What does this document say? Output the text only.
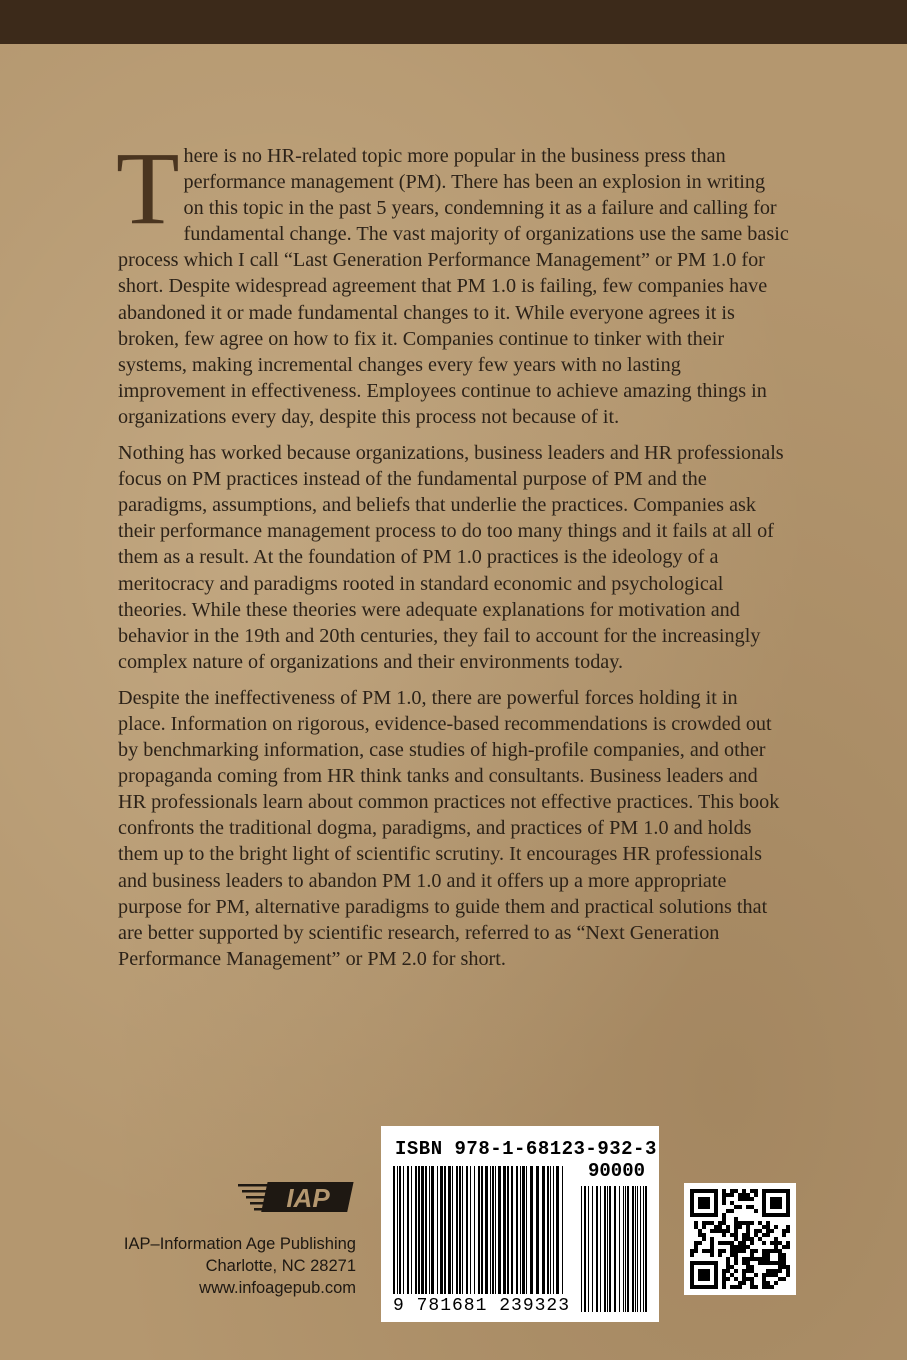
There is no HR-related topic more popular in the business press than performance management (PM). There has been an explosion in writing on this topic in the past 5 years, condemning it as a failure and calling for fundamental change. The vast majority of organizations use the same basic process which I call “Last Generation Performance Management” or PM 1.0 for short. Despite widespread agreement that PM 1.0 is failing, few companies have abandoned it or made fundamental changes to it. While everyone agrees it is broken, few agree on how to fix it. Companies continue to tinker with their systems, making incremental changes every few years with no lasting improvement in effectiveness. Employees continue to achieve amazing things in organizations every day, despite this process not because of it.

Nothing has worked because organizations, business leaders and HR professionals focus on PM practices instead of the fundamental purpose of PM and the paradigms, assumptions, and beliefs that underlie the practices. Companies ask their performance management process to do too many things and it fails at all of them as a result. At the foundation of PM 1.0 practices is the ideology of a meritocracy and paradigms rooted in standard economic and psychological theories. While these theories were adequate explanations for motivation and behavior in the 19th and 20th centuries, they fail to account for the increasingly complex nature of organizations and their environments today.

Despite the ineffectiveness of PM 1.0, there are powerful forces holding it in place. Information on rigorous, evidence-based recommendations is crowded out by benchmarking information, case studies of high-profile companies, and other propaganda coming from HR think tanks and consultants. Business leaders and HR professionals learn about common practices not effective practices. This book confronts the traditional dogma, paradigms, and practices of PM 1.0 and holds them up to the bright light of scientific scrutiny. It encourages HR professionals and business leaders to abandon PM 1.0 and it offers up a more appropriate purpose for PM, alternative paradigms to guide them and practical solutions that are better supported by scientific research, referred to as “Next Generation Performance Management” or PM 2.0 for short.

IAP
IAP–Information Age Publishing
Charlotte, NC 28271
www.infoagepub.com
ISBN 978-1-68123-932-3
90000
9 781681 239323
